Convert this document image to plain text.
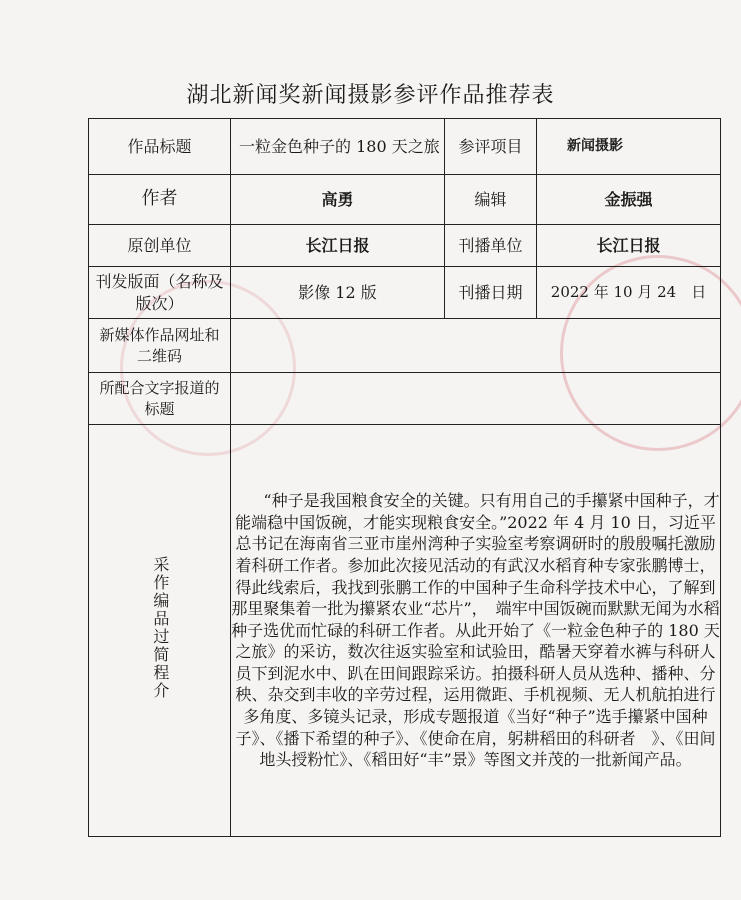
湖北新闻奖新闻摄影参评作品推荐表
作品标题	一粒金色种子的 180 天之旅	参评项目	新闻摄影
作者	高勇	编辑	金振强
原创单位	长江日报	刊播单位	长江日报
刊发版面（名称及版次）	影像 12 版	刊播日期	2022 年 10 月 24　日
新媒体作品网址和二维码			
所配合文字报道的标题			
采作编品过简程介	“种子是我国粮食安全的关键。只有用自己的手攥紧中国种子，才能端稳中国饭碗，才能实现粮食安全。”2022 年 4 月 10 日，习近平总书记在海南省三亚市崖州湾种子实验室考察调研时的殷殷嘱托激励着科研工作者。参加此次接见活动的有武汉水稻育种专家张鹏博士，得此线索后，我找到张鹏工作的中国种子生命科学技术中心，了解到那里聚集着一批为攥紧农业“芯片”，　端牢中国饭碗而默默无闻为水稻种子选优而忙碌的科研工作者。从此开始了《一粒金色种子的 180 天之旅》的采访，数次往返实验室和试验田，酷暑天穿着水裤与科研人员下到泥水中、趴在田间跟踪采访。拍摄科研人员从选种、播种、分秧、杂交到丰收的辛劳过程，运用微距、手机视频、无人机航拍进行多角度、多镜头记录，形成专题报道《当好“种子”选手攥紧中国种子》、《播下希望的种子》、《使命在肩，躬耕稻田的科研者　》、《田间地头授粉忙》、《稻田好“丰”景》等图文并茂的一批新闻产品。		
